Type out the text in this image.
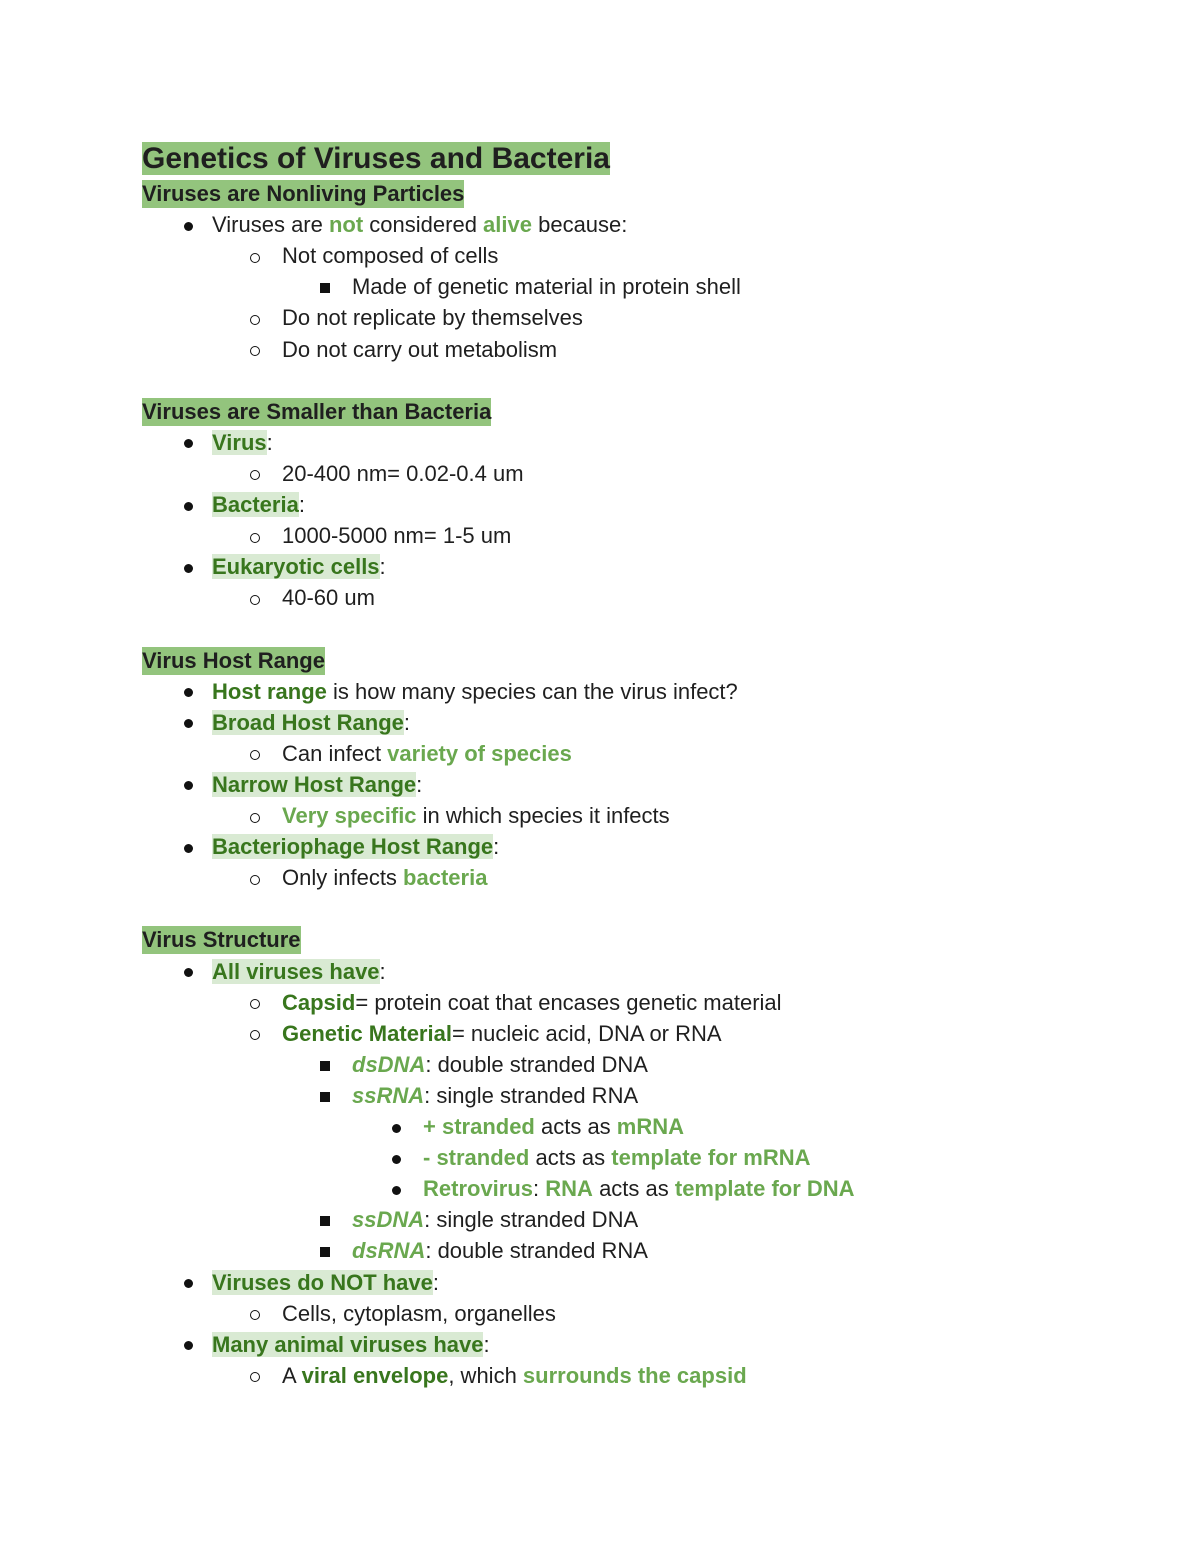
Genetics of Viruses and Bacteria
Viruses are Nonliving Particles
Viruses are not considered alive because:
Not composed of cells
Made of genetic material in protein shell
Do not replicate by themselves
Do not carry out metabolism
Viruses are Smaller than Bacteria
Virus:
20-400 nm= 0.02-0.4 um
Bacteria:
1000-5000 nm= 1-5 um
Eukaryotic cells:
40-60 um
Virus Host Range
Host range is how many species can the virus infect?
Broad Host Range:
Can infect variety of species
Narrow Host Range:
Very specific in which species it infects
Bacteriophage Host Range:
Only infects bacteria
Virus Structure
All viruses have:
Capsid= protein coat that encases genetic material
Genetic Material= nucleic acid, DNA or RNA
dsDNA: double stranded DNA
ssRNA: single stranded RNA
+ stranded acts as mRNA
- stranded acts as template for mRNA
Retrovirus: RNA acts as template for DNA
ssDNA: single stranded DNA
dsRNA: double stranded RNA
Viruses do NOT have:
Cells, cytoplasm, organelles
Many animal viruses have:
A viral envelope, which surrounds the capsid
